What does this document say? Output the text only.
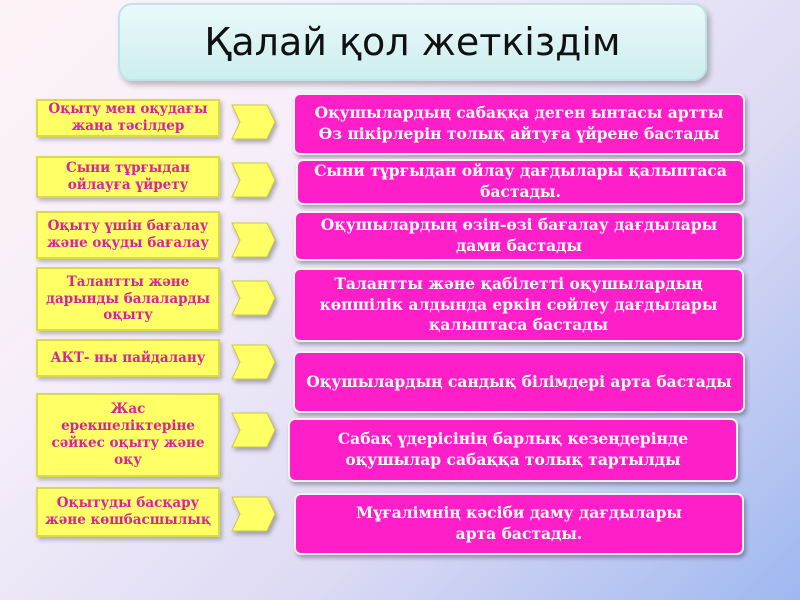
Қалай қол жеткіздім
Оқыту мен оқудағы жаңа тәсілдер
Оқушылардың сабаққа деген ынтасы артты
Өз пікірлерін толық айтуға үйрене бастады
Сыни тұрғыдан ойлауға үйрету
Сыни тұрғыдан ойлау дағдылары қалыптаса бастады.
Оқыту үшін бағалау және оқуды бағалау
Оқушылардың өзін-өзі бағалау дағдылары дами бастады
Талантты және дарынды балаларды оқыту
Талантты және қабілетті оқушылардың көпшілік алдында еркін сөйлеу дағдылары қалыптаса бастады
АКТ- ны пайдалану
Оқушылардың сандық білімдері арта бастады
Жас ерекшеліктеріне сәйкес оқыту және оқу
Сабақ үдерісінің барлық кезеңдерінде
оқушылар сабаққа толық тартылды
Оқытуды басқару және көшбасшылық	Мұғалімнің кәсіби даму дағдылары
арта бастады.
